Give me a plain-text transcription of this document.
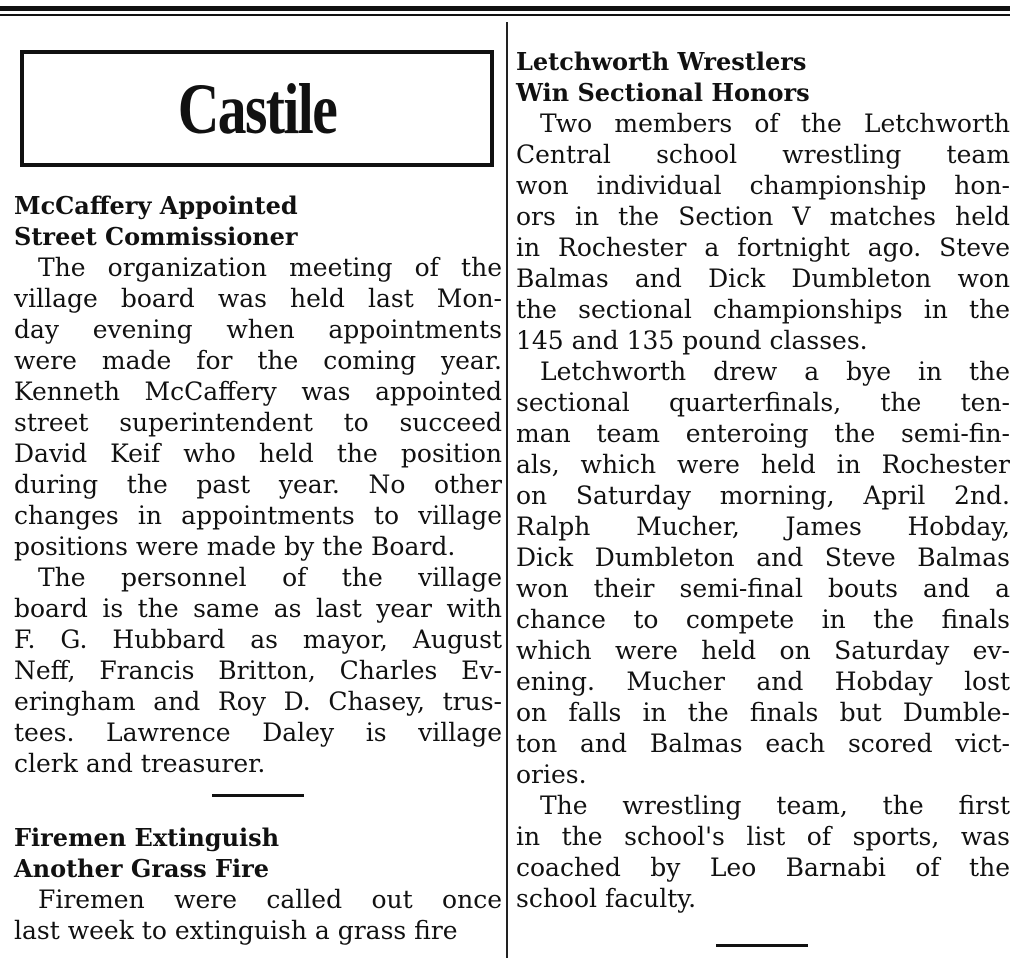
Castile
McCaffery Appointed
Street Commissioner
The organization meeting of the
village board was held last Mon-
day evening when appointments
were made for the coming year.
Kenneth McCaffery was appointed
street superintendent to succeed
David Keif who held the position
during the past year. No other
changes in appointments to village
positions were made by the Board.
The personnel of the village
board is the same as last year with
F. G. Hubbard as mayor, August
Neff, Francis Britton, Charles Ev-
eringham and Roy D. Chasey, trus-
tees. Lawrence Daley is village
clerk and treasurer.
Firemen Extinguish
Another Grass Fire
Firemen were called out once
last week to extinguish a grass fire
Letchworth Wrestlers
Win Sectional Honors
Two members of the Letchworth
Central school wrestling team
won individual championship hon-
ors in the Section V matches held
in Rochester a fortnight ago. Steve
Balmas and Dick Dumbleton won
the sectional championships in the
145 and 135 pound classes.
Letchworth drew a bye in the
sectional quarterfinals, the ten-
man team enteroing the semi-fin-
als, which were held in Rochester
on Saturday morning, April 2nd.
Ralph Mucher, James Hobday,
Dick Dumbleton and Steve Balmas
won their semi-final bouts and a
chance to compete in the finals
which were held on Saturday ev-
ening. Mucher and Hobday lost
on falls in the finals but Dumble-
ton and Balmas each scored vict-
ories.
The wrestling team, the first
in the school's list of sports, was
coached by Leo Barnabi of the
school faculty.
